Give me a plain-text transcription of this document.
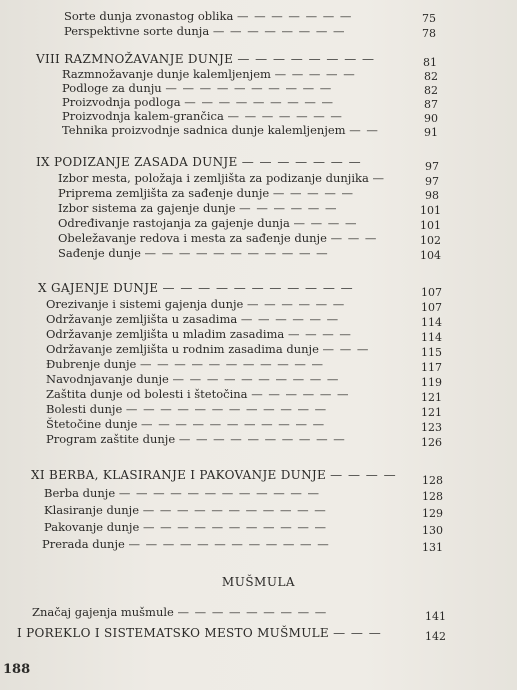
Sorte dunja zvonastog oblika — — — — — — —	75
Perspektivne sorte dunja — — — — — — — —	78
VIII RAZMNOŽAVANJE DUNJE — — — — — — — —	81
Razmnožavanje dunje kalemljenjem — — — — —	82
Podloge za dunju — — — — — — — — — —	82
Proizvodnja podloga — — — — — — — — —	87
Proizvodnja kalem-grančica — — — — — — —	90
Tehnika proizvodnje sadnica dunje kalemljenjem — —	91
IX PODIZANJE ZASADA DUNJE — — — — — — —	97
Izbor mesta, položaja i zemljišta za podizanje dunjika —	97
Priprema zemljišta za sađenje dunje — — — — —	98
Izbor sistema za gajenje dunje — — — — — —	101
Određivanje rastojanja za gajenje dunja — — — —	101
Obeležavanje redova i mesta za sađenje dunje — — —	102
Sađenje dunje — — — — — — — — — — —	104
X GAJENJE DUNJE — — — — — — — — — — —	107
Orezivanje i sistemi gajenja dunje — — — — — —	107
Održavanje zemljišta u zasadima — — — — — —	114
Održavanje zemljišta u mladim zasadima — — — —	114
Održavanje zemljišta u rodnim zasadima dunje — — —	115
Đubrenje dunje — — — — — — — — — — —	117
Navodnjavanje dunje — — — — — — — — — —	119
Zaštita dunje od bolesti i štetočina — — — — — —	121
Bolesti dunje — — — — — — — — — — — —	121
Štetočine dunje — — — — — — — — — — —	123
Program zaštite dunje — — — — — — — — — —	126
XI BERBA, KLASIRANJE I PAKOVANJE DUNJE — — — —	128
Berba dunje — — — — — — — — — — — —	128
Klasiranje dunje — — — — — — — — — — —	129
Pakovanje dunje — — — — — — — — — — —	130
Prerada dunje — — — — — — — — — — — —	131
MUŠMULA
Značaj gajenja mušmule — — — — — — — — —	141
I POREKLO I SISTEMATSKO MESTO MUŠMULE — — —	142
188
